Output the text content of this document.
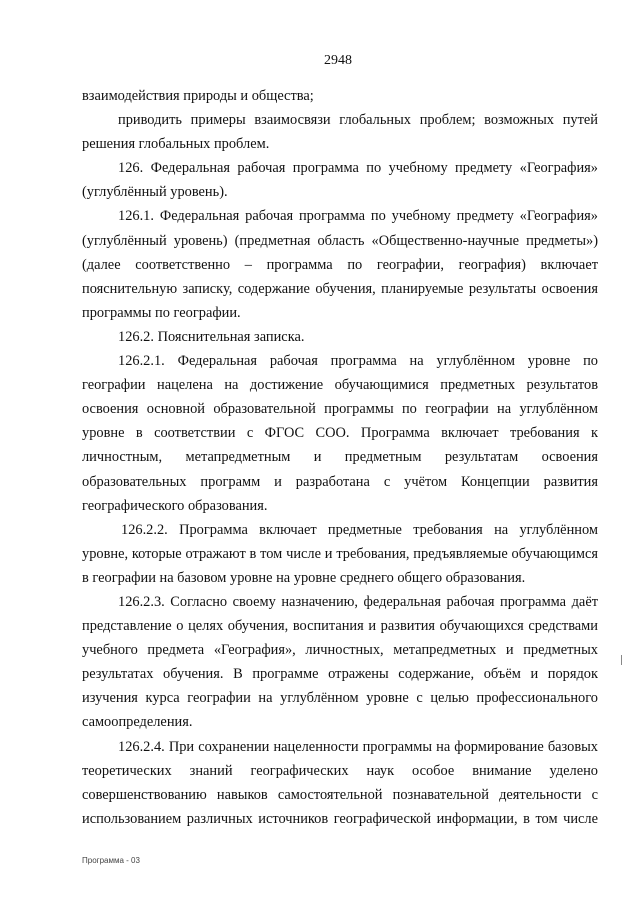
2948

взаимодействия природы и общества;

приводить примеры взаимосвязи глобальных проблем; возможных путей решения глобальных проблем.

126. Федеральная рабочая программа по учебному предмету «География» (углублённый уровень).

126.1. Федеральная рабочая программа по учебному предмету «География» (углублённый уровень) (предметная область «Общественно-научные предметы») (далее соответственно – программа по географии, география) включает пояснительную записку, содержание обучения, планируемые результаты освоения программы по географии.

126.2. Пояснительная записка.

126.2.1. Федеральная рабочая программа на углублённом уровне по географии нацелена на достижение обучающимися предметных результатов освоения основной образовательной программы по географии на углублённом уровне в соответствии с ФГОС СОО. Программа включает требования к личностным, метапредметным и предметным результатам освоения образовательных программ и разработана с учётом Концепции развития географического образования.

126.2.2. Программа включает предметные требования на углублённом уровне, которые отражают в том числе и требования, предъявляемые обучающимся в географии на базовом уровне на уровне среднего общего образования.

126.2.3. Согласно своему назначению, федеральная рабочая программа даёт представление о целях обучения, воспитания и развития обучающихся средствами учебного предмета «География», личностных, метапредметных и предметных результатах обучения. В программе отражены содержание, объём и порядок изучения курса географии на углублённом уровне с целью профессионального самоопределения.

126.2.4. При сохранении нацеленности программы на формирование базовых теоретических знаний географических наук особое внимание уделено совершенствованию навыков самостоятельной познавательной деятельности с использованием различных источников географической информации, в том числе

Программа - 03
